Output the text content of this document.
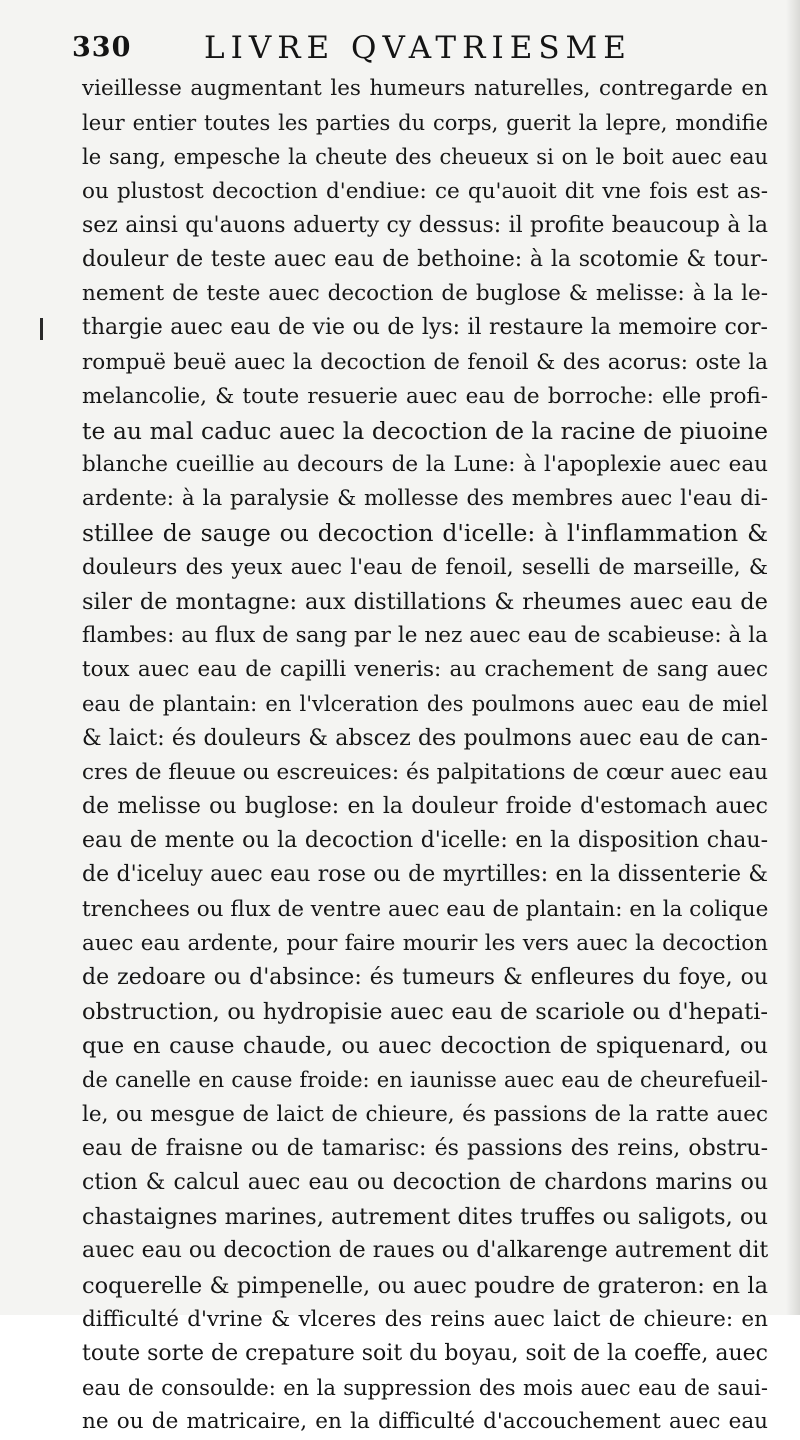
330 LIVRE QVATRIESME
vieillesse augmentant les humeurs naturelles, contregarde en
leur entier toutes les parties du corps, guerit la lepre, mondifie
le sang, empesche la cheute des cheueux si on le boit auec eau
ou plustost decoction d'endiue: ce qu'auoit dit vne fois est as-
sez ainsi qu'auons aduerty cy dessus: il profite beaucoup à la
douleur de teste auec eau de bethoine: à la scotomie & tour-
nement de teste auec decoction de buglose & melisse: à la le-
thargie auec eau de vie ou de lys: il restaure la memoire cor-
rompuë beuë auec la decoction de fenoil & des acorus: oste la
melancolie, & toute resuerie auec eau de borroche: elle profi-
te au mal caduc auec la decoction de la racine de piuoine
blanche cueillie au decours de la Lune: à l'apoplexie auec eau
ardente: à la paralysie & mollesse des membres auec l'eau di-
stillee de sauge ou decoction d'icelle: à l'inflammation &
douleurs des yeux auec l'eau de fenoil, seselli de marseille, &
siler de montagne: aux distillations & rheumes auec eau de
flambes: au flux de sang par le nez auec eau de scabieuse: à la
toux auec eau de capilli veneris: au crachement de sang auec
eau de plantain: en l'vlceration des poulmons auec eau de miel
& laict: és douleurs & abscez des poulmons auec eau de can-
cres de fleuue ou escreuices: és palpitations de cœur auec eau
de melisse ou buglose: en la douleur froide d'estomach auec
eau de mente ou la decoction d'icelle: en la disposition chau-
de d'iceluy auec eau rose ou de myrtilles: en la dissenterie &
trenchees ou flux de ventre auec eau de plantain: en la colique
auec eau ardente, pour faire mourir les vers auec la decoction
de zedoare ou d'absince: és tumeurs & enfleures du foye, ou
obstruction, ou hydropisie auec eau de scariole ou d'hepati-
que en cause chaude, ou auec decoction de spiquenard, ou
de canelle en cause froide: en iaunisse auec eau de cheurefueil-
le, ou mesgue de laict de chieure, és passions de la ratte auec
eau de fraisne ou de tamarisc: és passions des reins, obstru-
ction & calcul auec eau ou decoction de chardons marins ou
chastaignes marines, autrement dites truffes ou saligots, ou
auec eau ou decoction de raues ou d'alkarenge autrement dit
coquerelle & pimpenelle, ou auec poudre de grateron: en la
difficulté d'vrine & vlceres des reins auec laict de chieure: en
toute sorte de crepature soit du boyau, soit de la coeffe, auec
eau de consoulde: en la suppression des mois auec eau de saui-
ne ou de matricaire, en la difficulté d'accouchement auec eau
